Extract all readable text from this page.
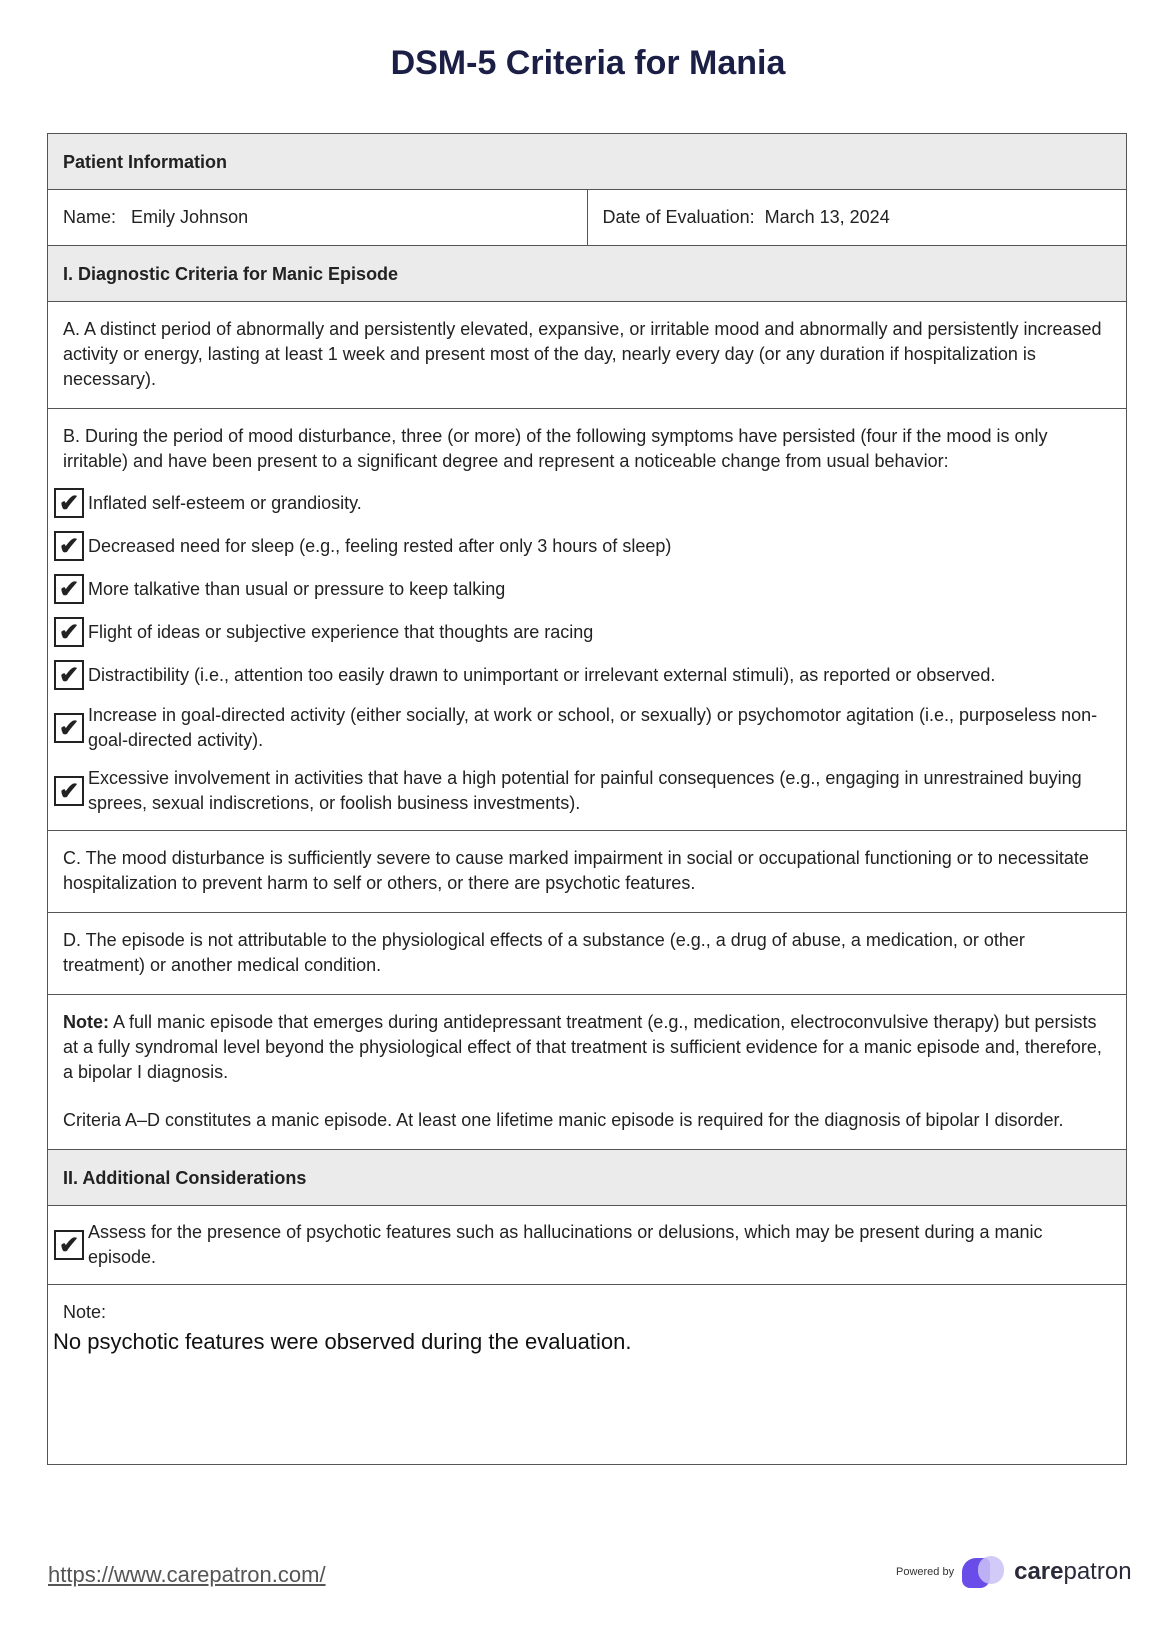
DSM-5 Criteria for Mania
Patient Information
Name: Emily Johnson	Date of Evaluation: March 13, 2024
I. Diagnostic Criteria for Manic Episode
A. A distinct period of abnormally and persistently elevated, expansive, or irritable mood and abnormally and persistently increased activity or energy, lasting at least 1 week and present most of the day, nearly every day (or any duration if hospitalization is necessary).
B. During the period of mood disturbance, three (or more) of the following symptoms have persisted (four if the mood is only irritable) and have been present to a significant degree and represent a noticeable change from usual behavior:
✔ Inflated self-esteem or grandiosity.
✔ Decreased need for sleep (e.g., feeling rested after only 3 hours of sleep)
✔ More talkative than usual or pressure to keep talking
✔ Flight of ideas or subjective experience that thoughts are racing
✔ Distractibility (i.e., attention too easily drawn to unimportant or irrelevant external stimuli), as reported or observed.
✔ Increase in goal-directed activity (either socially, at work or school, or sexually) or psychomotor agitation (i.e., purposeless non-goal-directed activity).
✔ Excessive involvement in activities that have a high potential for painful consequences (e.g., engaging in unrestrained buying sprees, sexual indiscretions, or foolish business investments).
C. The mood disturbance is sufficiently severe to cause marked impairment in social or occupational functioning or to necessitate hospitalization to prevent harm to self or others, or there are psychotic features.
D. The episode is not attributable to the physiological effects of a substance (e.g., a drug of abuse, a medication, or other treatment) or another medical condition.
Note: A full manic episode that emerges during antidepressant treatment (e.g., medication, electroconvulsive therapy) but persists at a fully syndromal level beyond the physiological effect of that treatment is sufficient evidence for a manic episode and, therefore, a bipolar I diagnosis.
Criteria A–D constitutes a manic episode. At least one lifetime manic episode is required for the diagnosis of bipolar I disorder.
II. Additional Considerations
✔ Assess for the presence of psychotic features such as hallucinations or delusions, which may be present during a manic episode.
Note:
No psychotic features were observed during the evaluation.
https://www.carepatron.com/	Powered by	carepatron
